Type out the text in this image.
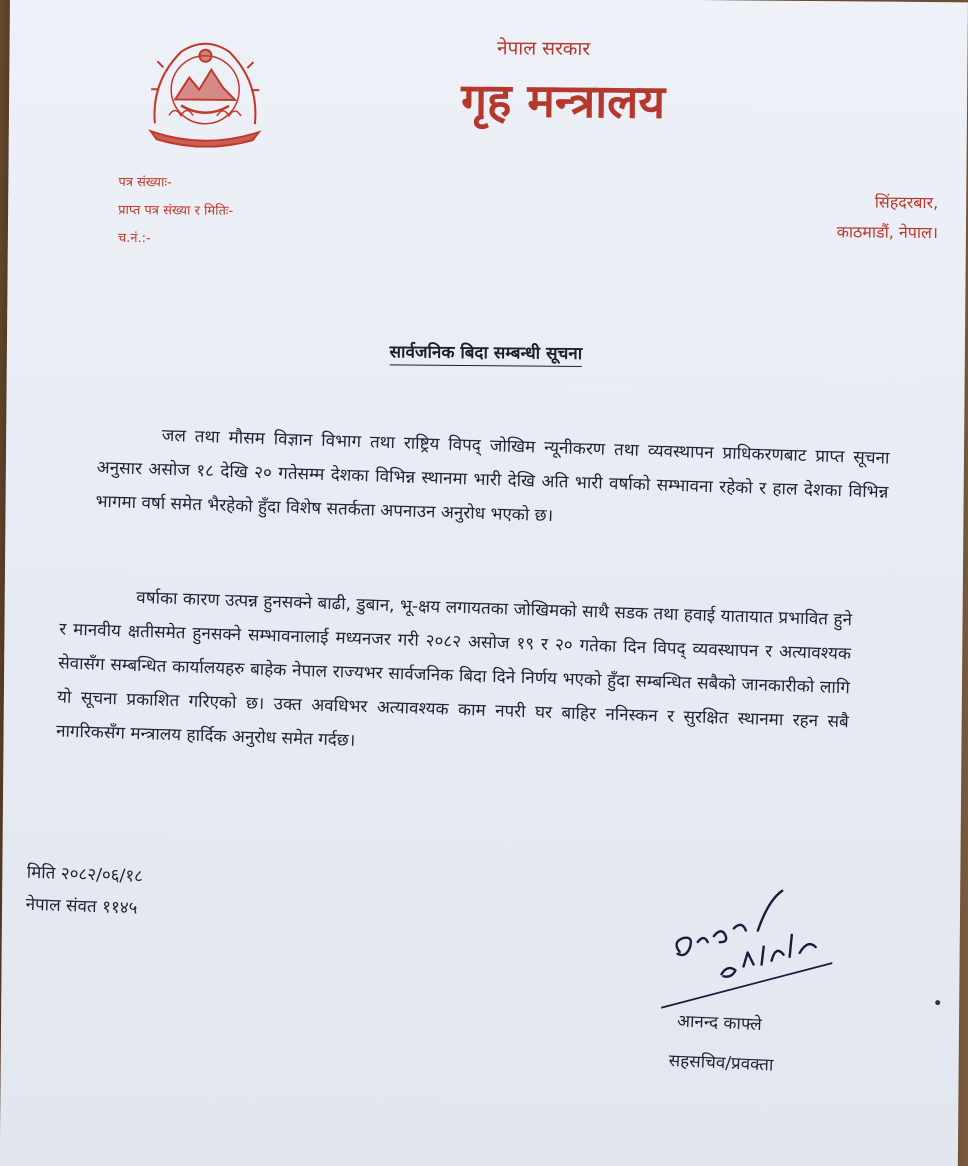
नेपाल सरकार
गृह मन्त्रालय
पत्र संख्याः-
प्राप्त पत्र संख्या र मितिः-
च.नं.:-
सिंहदरबार,
काठमाडौं, नेपाल।
सार्वजनिक बिदा सम्बन्धी सूचना
जल तथा मौसम विज्ञान विभाग तथा राष्ट्रिय विपद् जोखिम न्यूनीकरण तथा व्यवस्थापन प्राधिकरणबाट प्राप्त सूचना अनुसार असोज १८ देखि २० गतेसम्म देशका विभिन्न स्थानमा भारी देखि अति भारी वर्षाको सम्भावना रहेको र हाल देशका विभिन्न भागमा वर्षा समेत भैरहेको हुँदा विशेष सतर्कता अपनाउन अनुरोध भएको छ।
वर्षाका कारण उत्पन्न हुनसक्ने बाढी, डुबान, भू-क्षय लगायतका जोखिमको साथै सडक तथा हवाई यातायात प्रभावित हुने र मानवीय क्षतीसमेत हुनसक्ने सम्भावनालाई मध्यनजर गरी २०८२ असोज १९ र २० गतेका दिन विपद् व्यवस्थापन र अत्यावश्यक सेवासँग सम्बन्धित कार्यालयहरु बाहेक नेपाल राज्यभर सार्वजनिक बिदा दिने निर्णय भएको हुँदा सम्बन्धित सबैको जानकारीको लागि यो सूचना प्रकाशित गरिएको छ। उक्त अवधिभर अत्यावश्यक काम नपरी घर बाहिर ननिस्कन र सुरक्षित स्थानमा रहन सबै नागरिकसँग मन्त्रालय हार्दिक अनुरोध समेत गर्दछ।
मिति २०८२/०६/१८
नेपाल संवत ११४५
आनन्द काफ्ले
सहसचिव/प्रवक्ता
